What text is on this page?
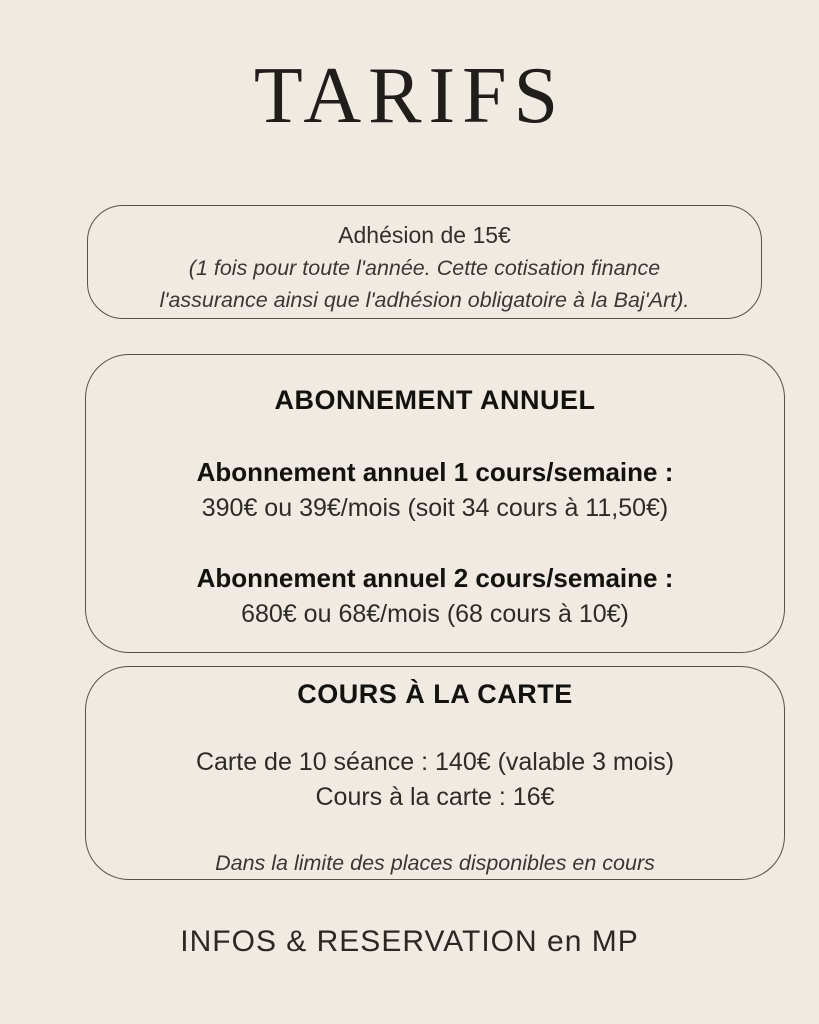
TARIFS
Adhésion de 15€
(1 fois pour toute l'année. Cette cotisation finance
l'assurance ainsi que l'adhésion obligatoire à la Baj'Art).
ABONNEMENT ANNUEL
Abonnement annuel 1 cours/semaine :
390€ ou 39€/mois (soit 34 cours à 11,50€)
Abonnement annuel 2 cours/semaine :
680€ ou 68€/mois (68 cours à 10€)
COURS À LA CARTE
Carte de 10 séance : 140€ (valable 3 mois)
Cours à la carte : 16€
Dans la limite des places disponibles en cours
INFOS & RESERVATION en MP
